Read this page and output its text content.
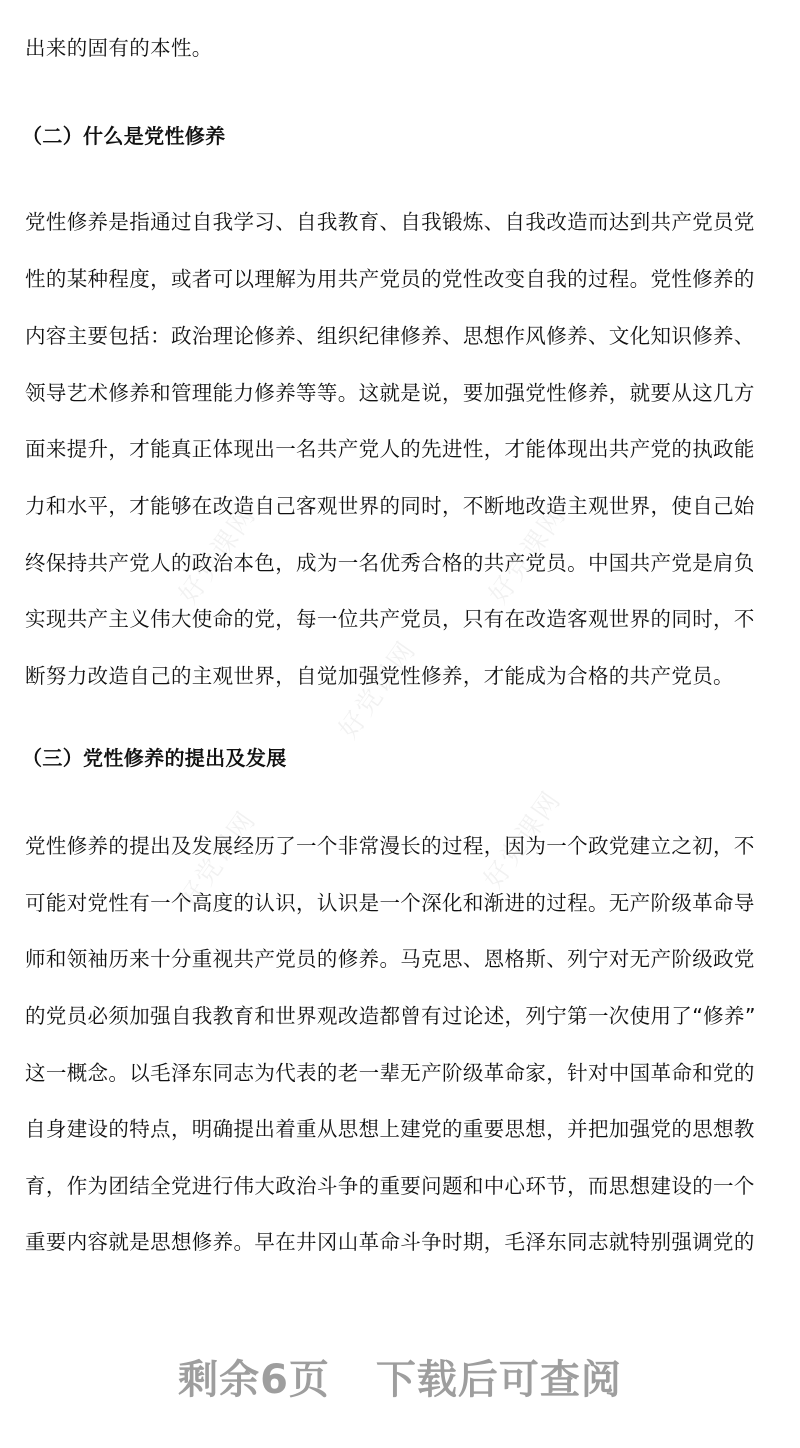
出来的固有的本性。
（二）什么是党性修养
党性修养是指通过自我学习、自我教育、自我锻炼、自我改造而达到共产党员党
性的某种程度，或者可以理解为用共产党员的党性改变自我的过程。党性修养的
内容主要包括：政治理论修养、组织纪律修养、思想作风修养、文化知识修养、
领导艺术修养和管理能力修养等等。这就是说，要加强党性修养，就要从这几方
面来提升，才能真正体现出一名共产党人的先进性，才能体现出共产党的执政能
力和水平，才能够在改造自己客观世界的同时，不断地改造主观世界，使自己始
终保持共产党人的政治本色，成为一名优秀合格的共产党员。中国共产党是肩负
实现共产主义伟大使命的党，每一位共产党员，只有在改造客观世界的同时，不
断努力改造自己的主观世界，自觉加强党性修养，才能成为合格的共产党员。
（三）党性修养的提出及发展
党性修养的提出及发展经历了一个非常漫长的过程，因为一个政党建立之初，不
可能对党性有一个高度的认识，认识是一个深化和渐进的过程。无产阶级革命导
师和领袖历来十分重视共产党员的修养。马克思、恩格斯、列宁对无产阶级政党
的党员必须加强自我教育和世界观改造都曾有过论述，列宁第一次使用了“修养”
这一概念。以毛泽东同志为代表的老一辈无产阶级革命家，针对中国革命和党的
自身建设的特点，明确提出着重从思想上建党的重要思想，并把加强党的思想教
育，作为团结全党进行伟大政治斗争的重要问题和中心环节，而思想建设的一个
重要内容就是思想修养。早在井冈山革命斗争时期，毛泽东同志就特别强调党的
好党课网	好党课网
好党课网
好党课网	好党课网
剩余6页 下载后可查阅
